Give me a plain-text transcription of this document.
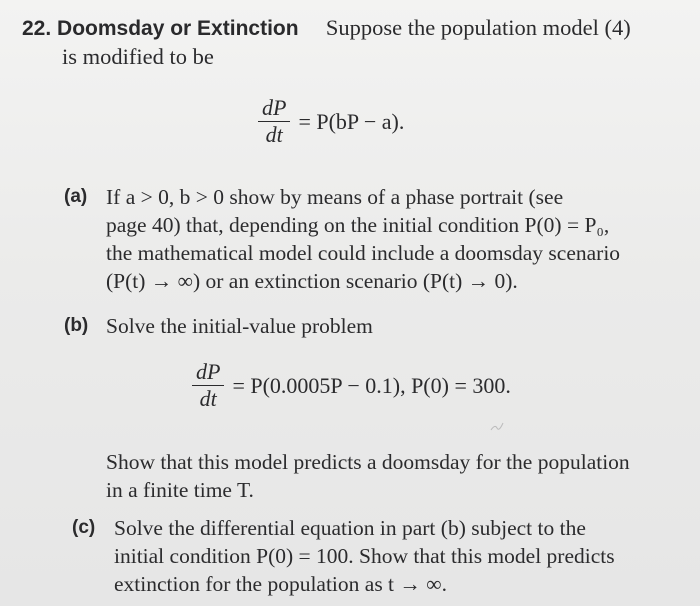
22. Doomsday or Extinction Suppose the population model (4)
is modified to be
$\frac{dP}{dt} = P(bP - a)$.
(a) If a > 0, b > 0 show by means of a phase portrait (see
page 40) that, depending on the initial condition P(0) = P₀,
the mathematical model could include a doomsday scenario
(P(t) → ∞) or an extinction scenario (P(t) → 0).
(b) Solve the initial-value problem
$\frac{dP}{dt} = P(0.0005P - 0.1)$, P(0) = 300.
Show that this model predicts a doomsday for the population
in a finite time T.
(c) Solve the differential equation in part (b) subject to the
initial condition P(0) = 100. Show that this model predicts
extinction for the population as t → ∞.
